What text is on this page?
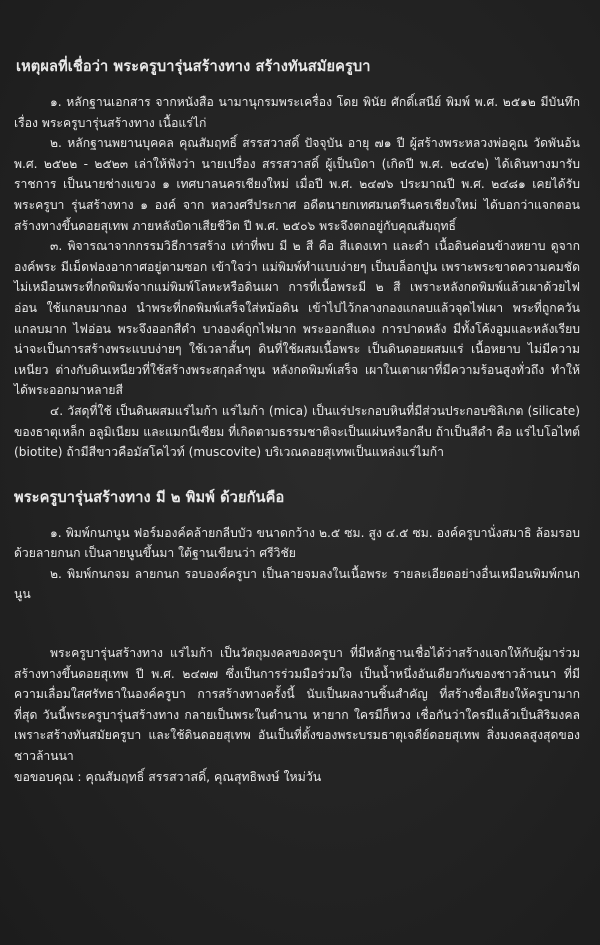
เหตุผลที่เชื่อว่า พระครูบารุ่นสร้างทาง สร้างทันสมัยครูบา

๑. หลักฐานเอกสาร จากหนังสือ นามานุกรมพระเครื่อง โดย พินัย ศักดิ์เสนีย์ พิมพ์ พ.ศ. ๒๕๑๒ มีบันทึกเรื่อง พระครูบารุ่นสร้างทาง เนื้อแร่ไก่

๒. หลักฐานพยานบุคคล คุณสัมฤทธิ์ สรรสวาสดิ์ ปัจจุบัน อายุ ๗๑ ปี ผู้สร้างพระหลวงพ่อคูณ วัดพันอ้น พ.ศ. ๒๕๒๒ - ๒๕๒๓ เล่าให้ฟังว่า นายเปรื่อง สรรสวาสดิ์ ผู้เป็นบิดา (เกิดปี พ.ศ. ๒๔๔๒) ได้เดินทางมารับราชการ เป็นนายช่างแขวง ๑ เทศบาลนครเชียงใหม่ เมื่อปี พ.ศ. ๒๔๗๖ ประมาณปี พ.ศ. ๒๔๘๑ เคยได้รับพระครูบา รุ่นสร้างทาง ๑ องค์ จาก หลวงศรีประกาศ อดีตนายกเทศมนตรีนครเชียงใหม่ ได้บอกว่าแจกตอนสร้างทางขึ้นดอยสุเทพ ภายหลังบิดาเสียชีวิต ปี พ.ศ. ๒๕๐๖ พระจึงตกอยู่กับคุณสัมฤทธิ์

๓. พิจารณาจากกรรมวิธีการสร้าง เท่าที่พบ มี ๒ สี คือ สีแดงเทา และดำ เนื้อดินค่อนข้างหยาบ ดูจากองค์พระ มีเม็ดฟองอากาศอยู่ตามซอก เข้าใจว่า แม่พิมพ์ทำแบบง่ายๆ เป็นบล็อกปูน เพราะพระขาดความคมชัด ไม่เหมือนพระที่กดพิมพ์จากแม่พิมพ์โลหะหรือดินเผา การที่เนื้อพระมี ๒ สี เพราะหลังกดพิมพ์แล้วเผาด้วยไฟอ่อน ใช้แกลบมากอง นำพระที่กดพิมพ์เสร็จใส่หม้อดิน เข้าไปไว้กลางกองแกลบแล้วจุดไฟเผา พระที่ถูกควันแกลบมาก ไฟอ่อน พระจึงออกสีดำ บางองค์ถูกไฟมาก พระออกสีแดง การปาดหลัง มีทั้งโค้งอูมและหลังเรียบ น่าจะเป็นการสร้างพระแบบง่ายๆ ใช้เวลาสั้นๆ ดินที่ใช้ผสมเนื้อพระ เป็นดินดอยผสมแร่ เนื้อหยาบ ไม่มีความเหนียว ต่างกับดินเหนียวที่ใช้สร้างพระสกุลลำพูน หลังกดพิมพ์เสร็จ เผาในเตาเผาที่มีความร้อนสูงทั่วถึง ทำให้ได้พระออกมาหลายสี

๔. วัสดุที่ใช้ เป็นดินผสมแร่ไมก้า แร่ไมก้า (mica) เป็นแร่ประกอบหินที่มีส่วนประกอบซิลิเกต (silicate) ของธาตุเหล็ก อลูมิเนียม และแมกนีเซียม ที่เกิดตามธรรมชาติจะเป็นแผ่นหรือกลีบ ถ้าเป็นสีดำ คือ แร่ไบโอไทต์ (biotite) ถ้ามีสีขาวคือมัสโคไวท์ (muscovite) บริเวณดอยสุเทพเป็นแหล่งแร่ไมก้า

พระครูบารุ่นสร้างทาง มี ๒ พิมพ์ ด้วยกันคือ

๑. พิมพ์กนกนูน ฟอร์มองค์คล้ายกลีบบัว ขนาดกว้าง ๒.๕ ซม. สูง ๔.๕ ซม. องค์ครูบานั่งสมาธิ ล้อมรอบด้วยลายกนก เป็นลายนูนขึ้นมา ใต้ฐานเขียนว่า ศรีวิชัย

๒. พิมพ์กนกจม ลายกนก รอบองค์ครูบา เป็นลายจมลงในเนื้อพระ รายละเอียดอย่างอื่นเหมือนพิมพ์กนกนูน

พระครูบารุ่นสร้างทาง แร่ไมก้า เป็นวัตถุมงคลของครูบา ที่มีหลักฐานเชื่อได้ว่าสร้างแจกให้กับผู้มาร่วมสร้างทางขึ้นดอยสุเทพ ปี พ.ศ. ๒๔๗๗ ซึ่งเป็นการร่วมมือร่วมใจ เป็นน้ำหนึ่งอันเดียวกันของชาวล้านนา ที่มีความเลื่อมใสศรัทธาในองค์ครูบา การสร้างทางครั้งนี้ นับเป็นผลงานชิ้นสำคัญ ที่สร้างชื่อเสียงให้ครูบามากที่สุด วันนี้พระครูบารุ่นสร้างทาง กลายเป็นพระในตำนาน หายาก ใครมีก็หวง เชื่อกันว่าใครมีแล้วเป็นสิริมงคล เพราะสร้างทันสมัยครูบา และใช้ดินดอยสุเทพ อันเป็นที่ตั้งของพระบรมธาตุเจดีย์ดอยสุเทพ สิ่งมงคลสูงสุดของชาวล้านนา

ขอขอบคุณ : คุณสัมฤทธิ์ สรรสวาสดิ์, คุณสุทธิพงษ์ ใหม่วัน
